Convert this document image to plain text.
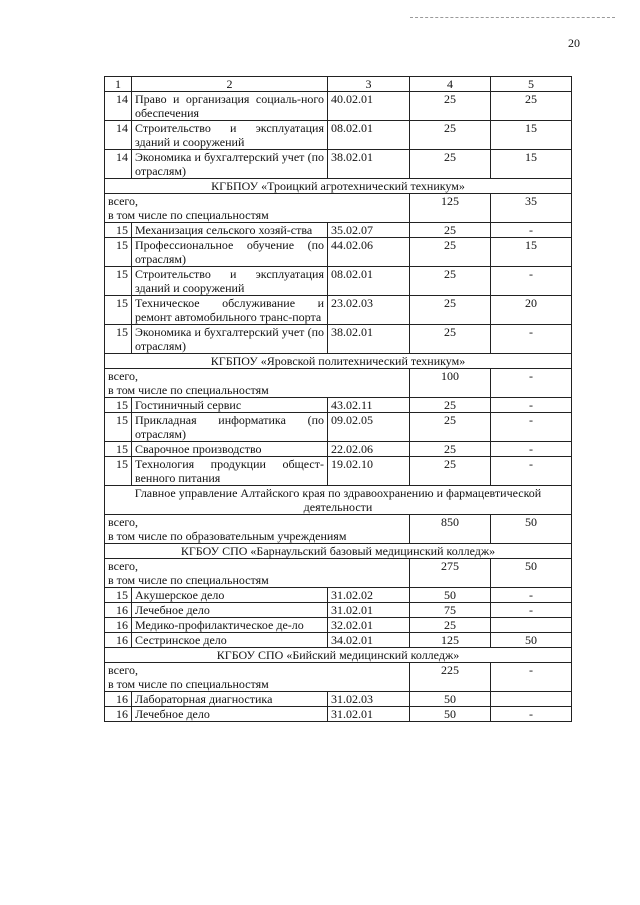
20
1	2	3	4	5
14	Право и организация социаль-ного обеспечения	40.02.01	25	25
14	Строительство и эксплуатация зданий и сооружений	08.02.01	25	15
14	Экономика и бухгалтерский учет (по отраслям)	38.02.01	25	15
КГБПОУ «Троицкий агротехнический техникум»				
всего,
в том числе по специальностям			125	35
15	Механизация сельского хозяй-ства	35.02.07	25	-
15	Профессиональное обучение (по отраслям)	44.02.06	25	15
15	Строительство и эксплуатация зданий и сооружений	08.02.01	25	-
15	Техническое обслуживание и ремонт автомобильного транс-порта	23.02.03	25	20
15	Экономика и бухгалтерский учет (по отраслям)	38.02.01	25	-
КГБПОУ «Яровской политехнический техникум»				
всего,
в том числе по специальностям			100	-
15	Гостиничный сервис	43.02.11	25	-
15	Прикладная информатика (по отраслям)	09.02.05	25	-
15	Сварочное производство	22.02.06	25	-
15	Технология продукции общест-венного питания	19.02.10	25	-
Главное управление Алтайского края по здравоохранению и фармацевтической деятельности				
всего,
в том числе по образовательным учреждениям			850	50
КГБОУ СПО «Барнаульский базовый медицинский колледж»				
всего,
в том числе по специальностям			275	50
15	Акушерское дело	31.02.02	50	-
16	Лечебное дело	31.02.01	75	-
16	Медико-профилактическое де-ло	32.02.01	25	
16	Сестринское дело	34.02.01	125	50
КГБОУ СПО «Бийский медицинский колледж»				
всего,
в том числе по специальностям			225	-
16	Лабораторная диагностика	31.02.03	50	
16	Лечебное дело	31.02.01	50	-
